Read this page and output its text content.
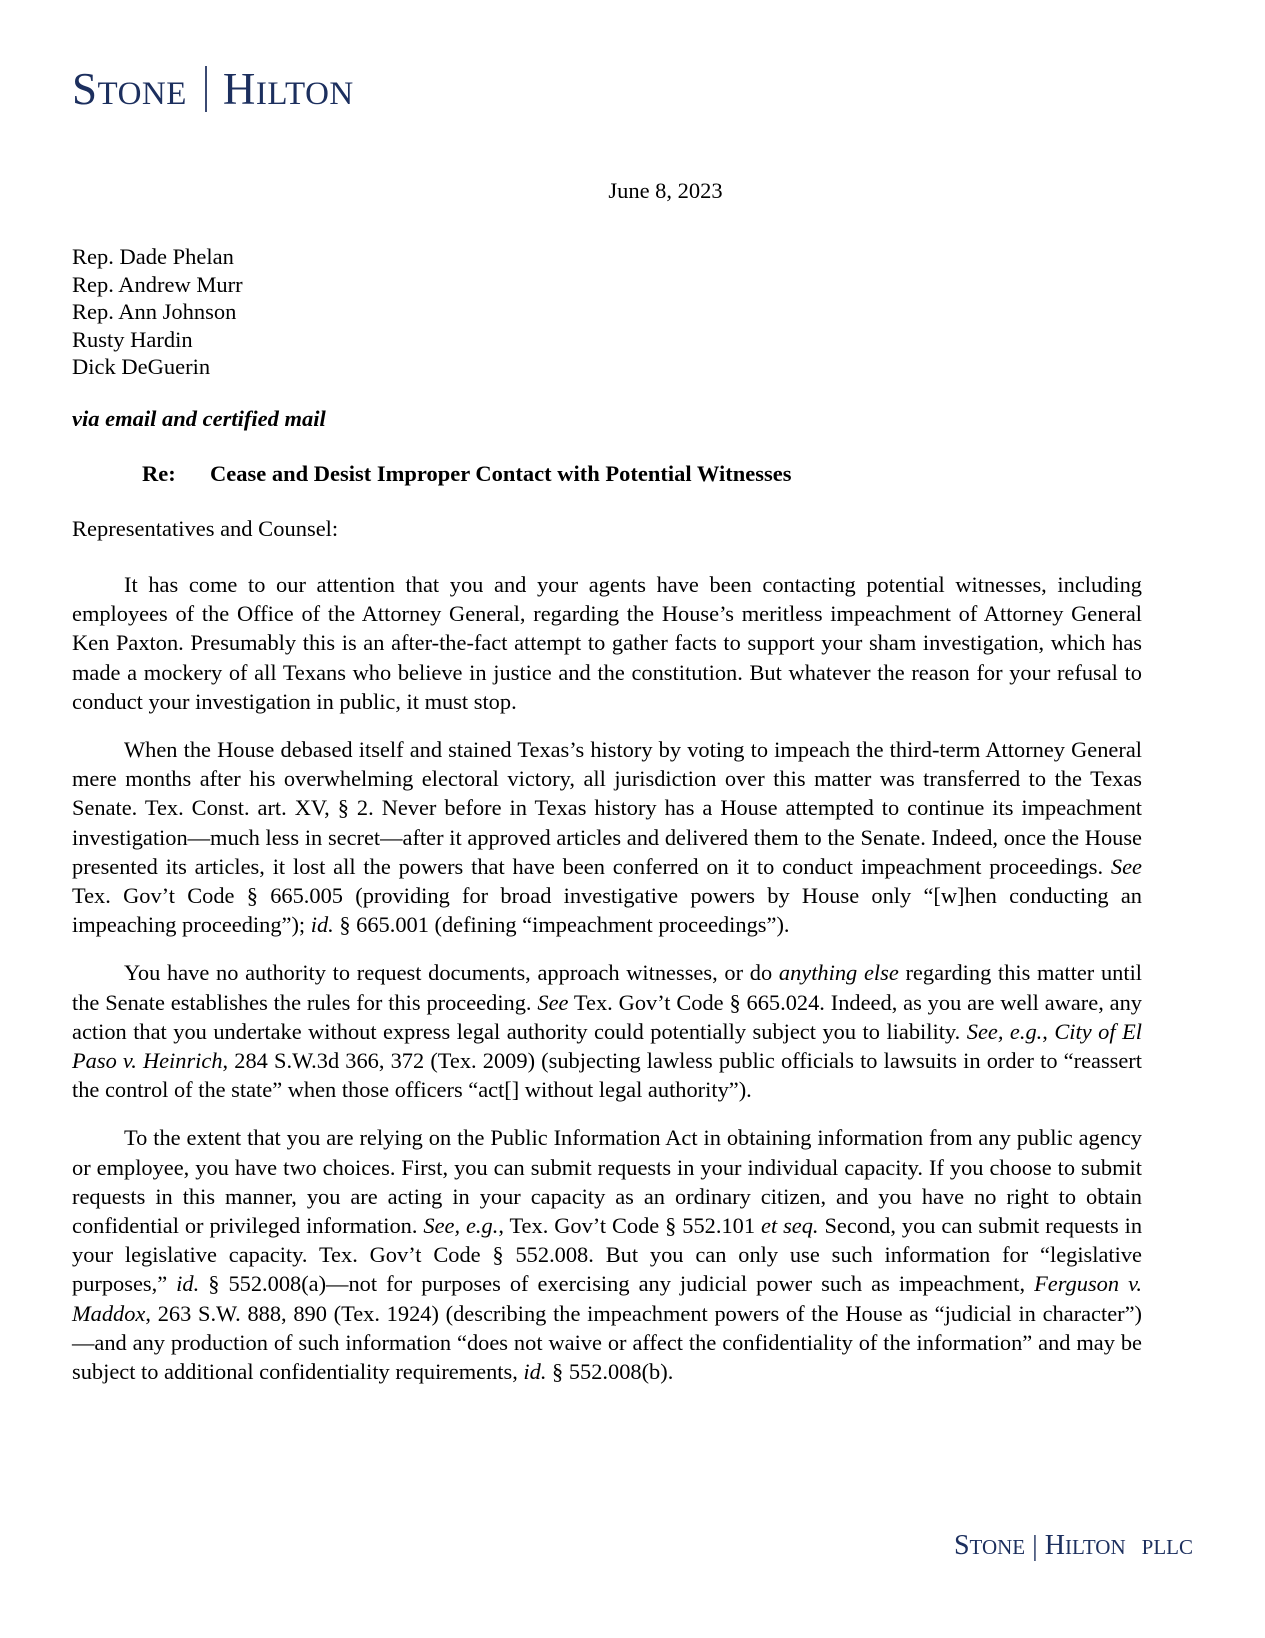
STONE HILTON
June 8, 2023
Rep. Dade Phelan
Rep. Andrew Murr
Rep. Ann Johnson
Rusty Hardin
Dick DeGuerin
via email and certified mail
Re: Cease and Desist Improper Contact with Potential Witnesses
Representatives and Counsel:

It has come to our attention that you and your agents have been contacting potential witnesses, including employees of the Office of the Attorney General, regarding the House’s meritless impeachment of Attorney General Ken Paxton. Presumably this is an after-the-fact attempt to gather facts to support your sham investigation, which has made a mockery of all Texans who believe in justice and the constitution. But whatever the reason for your refusal to conduct your investigation in public, it must stop.

When the House debased itself and stained Texas’s history by voting to impeach the third-term Attorney General mere months after his overwhelming electoral victory, all jurisdiction over this matter was transferred to the Texas Senate. Tex. Const. art. XV, § 2. Never before in Texas history has a House attempted to continue its impeachment investigation—much less in secret—after it approved articles and delivered them to the Senate. Indeed, once the House presented its articles, it lost all the powers that have been conferred on it to conduct impeachment proceedings. See Tex. Gov’t Code § 665.005 (providing for broad investigative powers by House only “[w]hen conducting an impeaching proceeding”); id. § 665.001 (defining “impeachment proceedings”).

You have no authority to request documents, approach witnesses, or do anything else regarding this matter until the Senate establishes the rules for this proceeding. See Tex. Gov’t Code § 665.024. Indeed, as you are well aware, any action that you undertake without express legal authority could potentially subject you to liability. See, e.g., City of El Paso v. Heinrich, 284 S.W.3d 366, 372 (Tex. 2009) (subjecting lawless public officials to lawsuits in order to “reassert the control of the state” when those officers “act[] without legal authority”).

To the extent that you are relying on the Public Information Act in obtaining information from any public agency or employee, you have two choices. First, you can submit requests in your individual capacity. If you choose to submit requests in this manner, you are acting in your capacity as an ordinary citizen, and you have no right to obtain confidential or privileged information. See, e.g., Tex. Gov’t Code § 552.101 et seq. Second, you can submit requests in your legislative capacity. Tex. Gov’t Code § 552.008. But you can only use such information for “legislative purposes,” id. § 552.008(a)—not for purposes of exercising any judicial power such as impeachment, Ferguson v. Maddox, 263 S.W. 888, 890 (Tex. 1924) (describing the impeachment powers of the House as “judicial in character”)—and any production of such information “does not waive or affect the confidentiality of the information” and may be subject to additional confidentiality requirements, id. § 552.008(b).

STONE | HILTON PLLC
